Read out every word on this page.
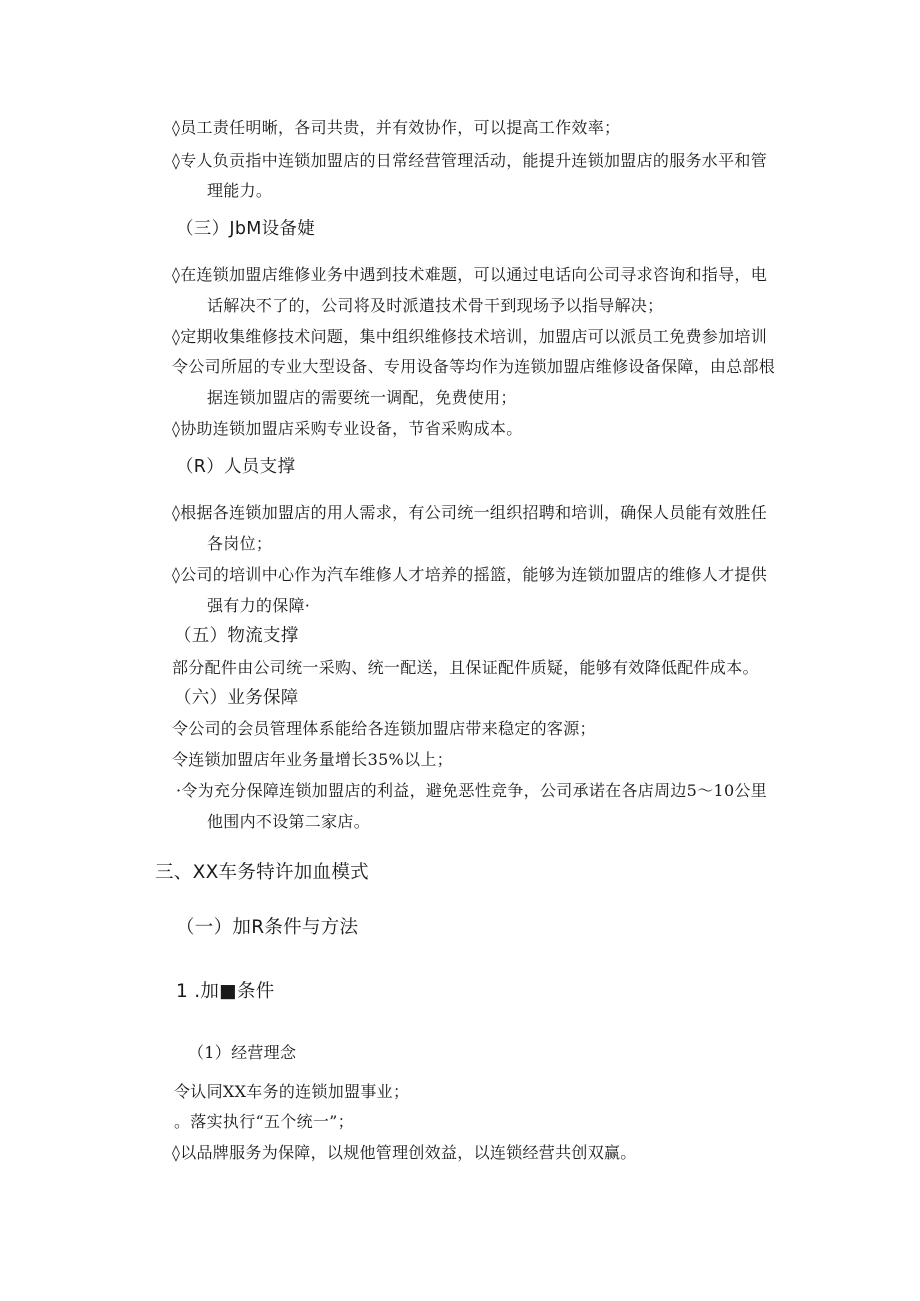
◊员工责任明晰，各司共贵，并有效协作，可以提高工作效率；
◊专人负贡指中连锁加盟店的日常经营管理活动，能提升连锁加盟店的服务水平和管
理能力。
（三）JbM设备婕
◊在连锁加盟店维修业务中遇到技术难题，可以通过电话向公司寻求咨询和指导，电
话解决不了的，公司将及时派遣技术骨干到现场予以指导解决；
◊定期收集维修技术问题，集中组织维修技术培训，加盟店可以派员工免费参加培训
令公司所屈的专业大型设备、专用设备等均作为连锁加盟店维修设备保障，由总部根
据连锁加盟店的需要统一调配，免费使用；
◊协助连锁加盟店采购专业设备，节省采购成本。
（R）人员支撑
◊根据各连锁加盟店的用人需求，有公司统一组织招聘和培训，确保人员能有效胜任
各岗位；
◊公司的培训中心作为汽车维修人才培养的摇篮，能够为连锁加盟店的维修人才提供
强有力的保障·
（五）物流支撑
部分配件由公司统一采购、统一配送，且保证配件质疑，能够有效降低配件成本。
（六）业务保障
令公司的会员管理体系能给各连锁加盟店带来稳定的客源；
令连锁加盟店年业务量增长35%以上；
·令为充分保障连锁加盟店的利益，避免恶性竞争，公司承诺在各店周边5〜10公里
他围内不设第二家店。
三、XX车务特许加血模式
（一）加R条件与方法
1 .加■条件
（1）经营理念
令认同XX车务的连锁加盟事业；
。落实执行“五个统一”；
◊以品牌服务为保障，以规他管理创效益，以连锁经营共创双赢。
